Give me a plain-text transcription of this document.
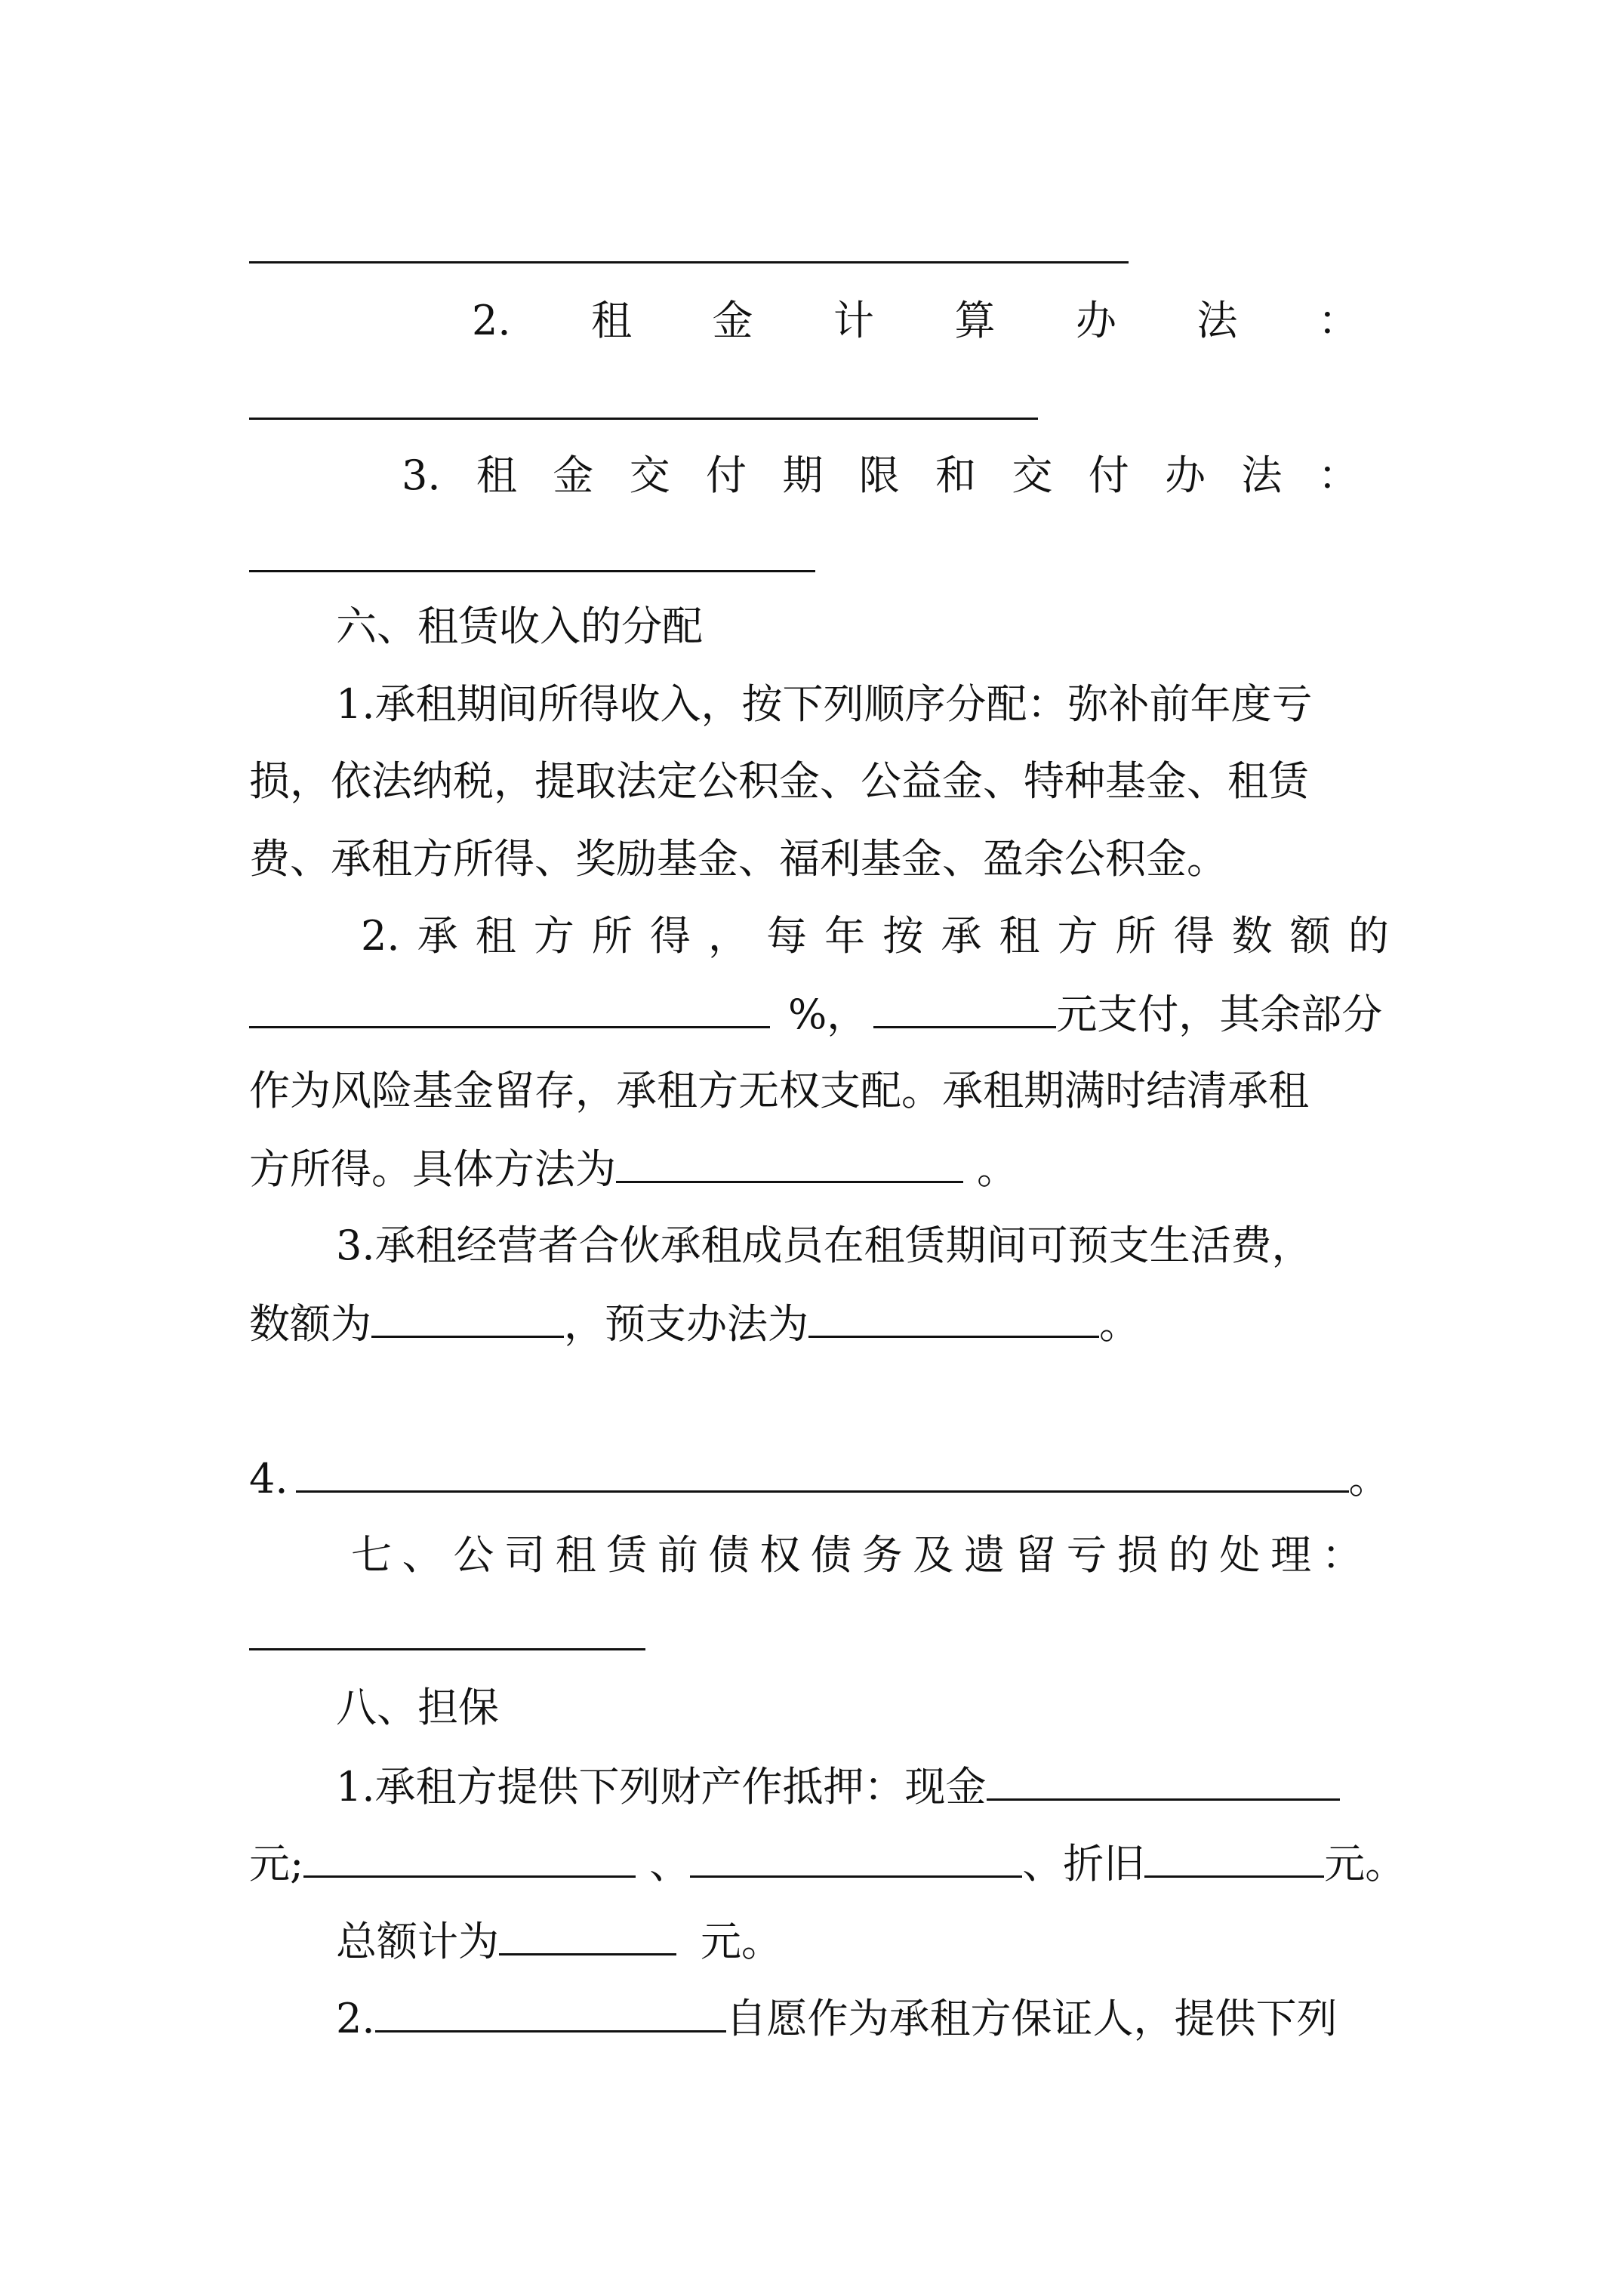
2. 租 金 计 算 办 法 ：
3. 租 金 交 付 期 限 和 交 付 办 法 ：
六、租赁收入的分配
1.承租期间所得收入，按下列顺序分配：弥补前年度亏
损，依法纳税，提取法定公积金、公益金、特种基金、租赁
费、承租方所得、奖励基金、福利基金、盈余公积金。
2. 承 租 方 所 得 ， 每 年 按 承 租 方 所 得 数 额 的
%，	元支付，其余部分
作为风险基金留存，承租方无权支配。承租期满时结清承租
方所得。具体方法为	。
3.承租经营者合伙承租成员在租赁期间可预支生活费，
数额为	，预支办法为	。
4.	。
七 、 公 司 租 赁 前 债 权 债 务 及 遗 留 亏 损 的 处 理 ：
八、担保
1.承租方提供下列财产作抵押：现金
元;	、	、折旧	元。
总额计为	元。
2.	自愿作为承租方保证人，提供下列
